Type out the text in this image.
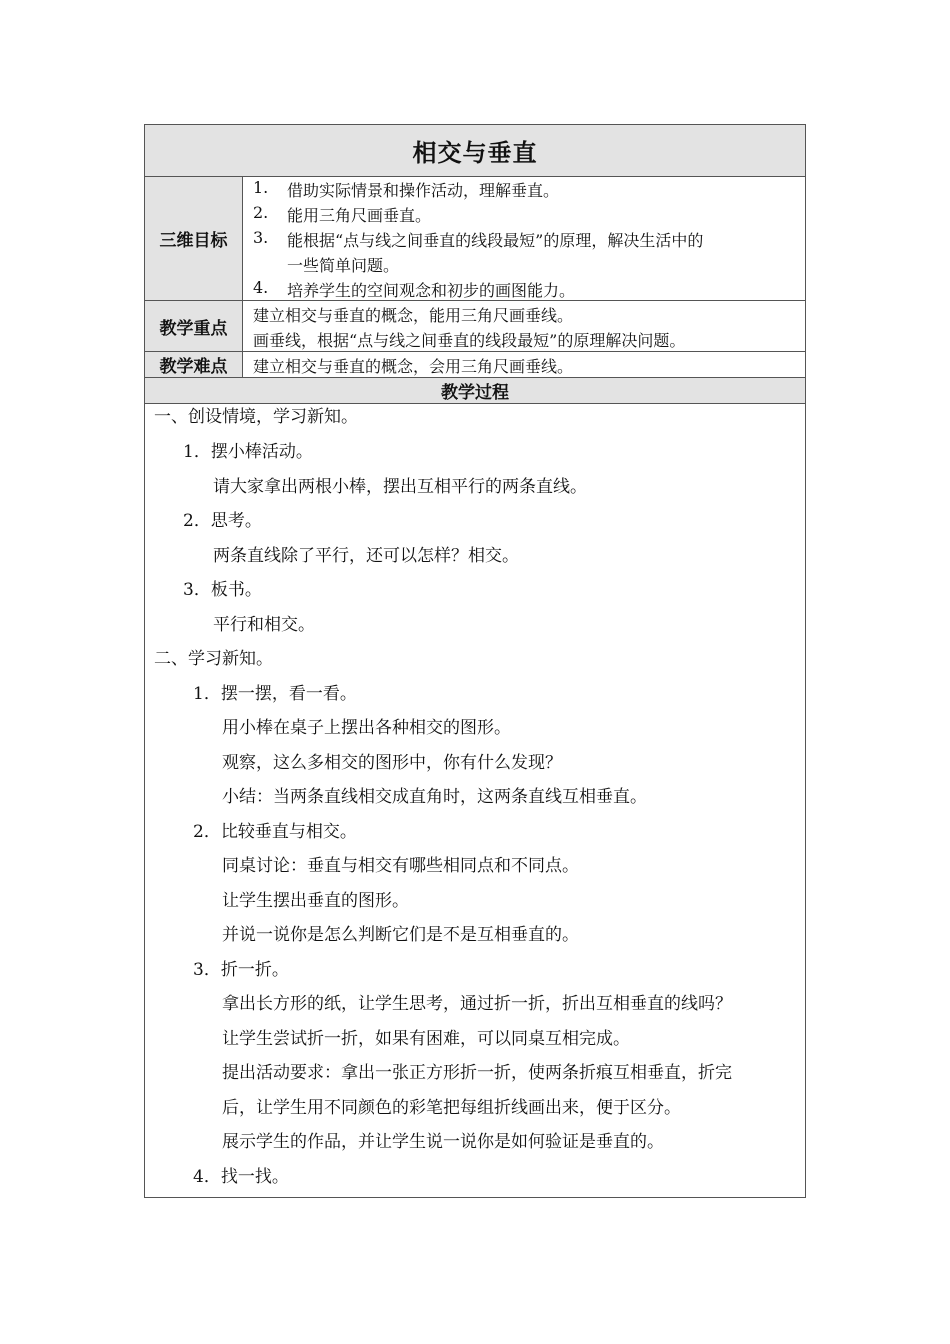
相交与垂直
三维目标
1. 借助实际情景和操作活动，理解垂直。
2. 能用三角尺画垂直。
3. 能根据“点与线之间垂直的线段最短”的原理，解决生活中的
一些简单问题。
4. 培养学生的空间观念和初步的画图能力。
教学重点
建立相交与垂直的概念，能用三角尺画垂线。
画垂线，根据“点与线之间垂直的线段最短”的原理解决问题。
教学难点	建立相交与垂直的概念，会用三角尺画垂线。
教学过程
一、创设情境，学习新知。
1．摆小棒活动。
请大家拿出两根小棒，摆出互相平行的两条直线。
2．思考。
两条直线除了平行，还可以怎样？相交。
3．板书。
平行和相交。
二、学习新知。
1．摆一摆，看一看。
用小棒在桌子上摆出各种相交的图形。
观察，这么多相交的图形中，你有什么发现？
小结：当两条直线相交成直角时，这两条直线互相垂直。
2．比较垂直与相交。
同桌讨论：垂直与相交有哪些相同点和不同点。
让学生摆出垂直的图形。
并说一说你是怎么判断它们是不是互相垂直的。
3．折一折。
拿出长方形的纸，让学生思考，通过折一折，折出互相垂直的线吗？
让学生尝试折一折，如果有困难，可以同桌互相完成。
提出活动要求：拿出一张正方形折一折，使两条折痕互相垂直，折完
后，让学生用不同颜色的彩笔把每组折线画出来，便于区分。
展示学生的作品，并让学生说一说你是如何验证是垂直的。
4．找一找。
